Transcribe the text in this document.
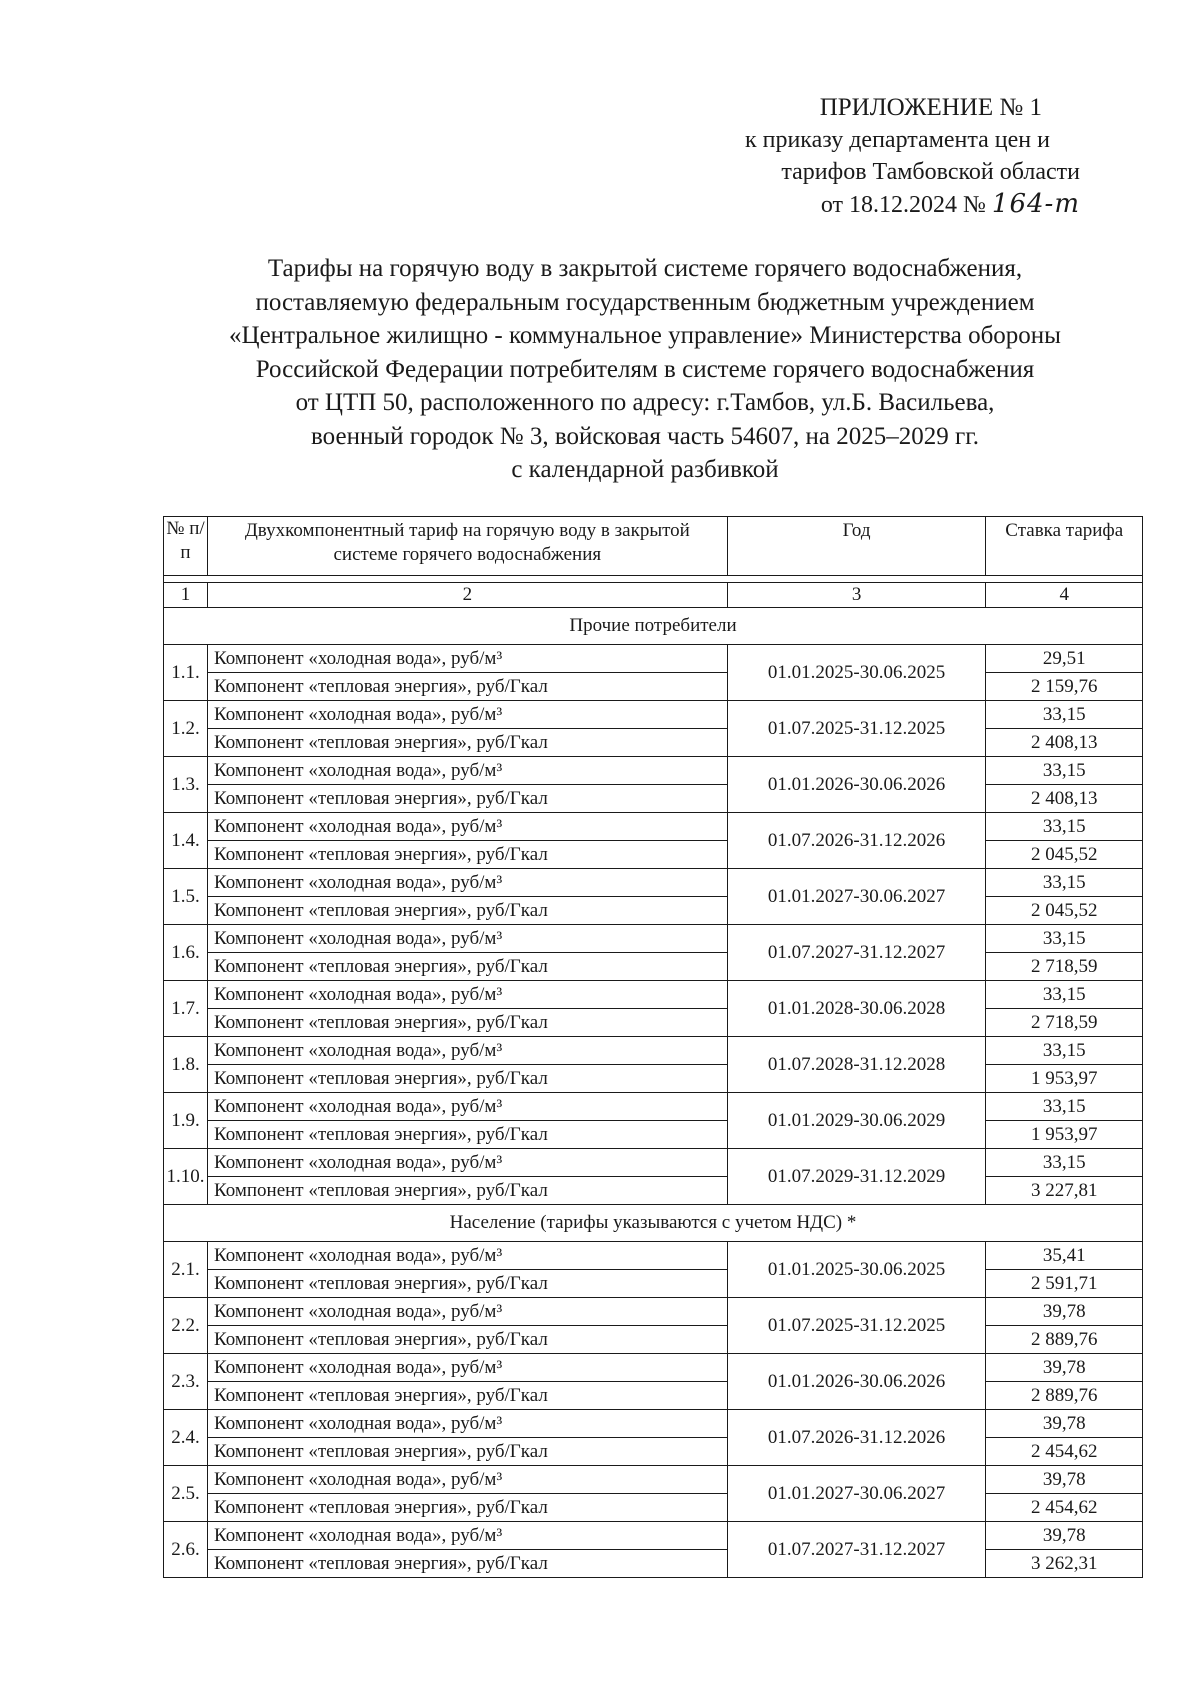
ПРИЛОЖЕНИЕ № 1
к приказу департамента цен и
тарифов Тамбовской области
от 18.12.2024 № 164-т
Тарифы на горячую воду в закрытой системе горячего водоснабжения,
поставляемую федеральным государственным бюджетным учреждением
«Центральное жилищно - коммунальное управление» Министерства обороны
Российской Федерации потребителям в системе горячего водоснабжения
от ЦТП 50, расположенного по адресу: г.Тамбов, ул.Б. Васильева,
военный городок № 3, войсковая часть 54607, на 2025–2029 гг.
с календарной разбивкой
№ п/п	Двухкомпонентный тариф на горячую воду в закрытой системе горячего водоснабжения	Год	Ставка тарифа

1	2	3	4
Прочие потребители			
1.1.	Компонент «холодная вода», руб/м³	01.01.2025-30.06.2025	29,51
	Компонент «тепловая энергия», руб/Гкал		2 159,76
1.2.	Компонент «холодная вода», руб/м³	01.07.2025-31.12.2025	33,15
	Компонент «тепловая энергия», руб/Гкал		2 408,13
1.3.	Компонент «холодная вода», руб/м³	01.01.2026-30.06.2026	33,15
	Компонент «тепловая энергия», руб/Гкал		2 408,13
1.4.	Компонент «холодная вода», руб/м³	01.07.2026-31.12.2026	33,15
	Компонент «тепловая энергия», руб/Гкал		2 045,52
1.5.	Компонент «холодная вода», руб/м³	01.01.2027-30.06.2027	33,15
	Компонент «тепловая энергия», руб/Гкал		2 045,52
1.6.	Компонент «холодная вода», руб/м³	01.07.2027-31.12.2027	33,15
	Компонент «тепловая энергия», руб/Гкал		2 718,59
1.7.	Компонент «холодная вода», руб/м³	01.01.2028-30.06.2028	33,15
	Компонент «тепловая энергия», руб/Гкал		2 718,59
1.8.	Компонент «холодная вода», руб/м³	01.07.2028-31.12.2028	33,15
	Компонент «тепловая энергия», руб/Гкал		1 953,97
1.9.	Компонент «холодная вода», руб/м³	01.01.2029-30.06.2029	33,15
	Компонент «тепловая энергия», руб/Гкал		1 953,97
1.10.	Компонент «холодная вода», руб/м³	01.07.2029-31.12.2029	33,15
	Компонент «тепловая энергия», руб/Гкал		3 227,81
Население (тарифы указываются с учетом НДС) *			
2.1.	Компонент «холодная вода», руб/м³	01.01.2025-30.06.2025	35,41
	Компонент «тепловая энергия», руб/Гкал		2 591,71
2.2.	Компонент «холодная вода», руб/м³	01.07.2025-31.12.2025	39,78
	Компонент «тепловая энергия», руб/Гкал		2 889,76
2.3.	Компонент «холодная вода», руб/м³	01.01.2026-30.06.2026	39,78
	Компонент «тепловая энергия», руб/Гкал		2 889,76
2.4.	Компонент «холодная вода», руб/м³	01.07.2026-31.12.2026	39,78
	Компонент «тепловая энергия», руб/Гкал		2 454,62
2.5.	Компонент «холодная вода», руб/м³	01.01.2027-30.06.2027	39,78
	Компонент «тепловая энергия», руб/Гкал		2 454,62
2.6.	Компонент «холодная вода», руб/м³	01.07.2027-31.12.2027	39,78
	Компонент «тепловая энергия», руб/Гкал		3 262,31
